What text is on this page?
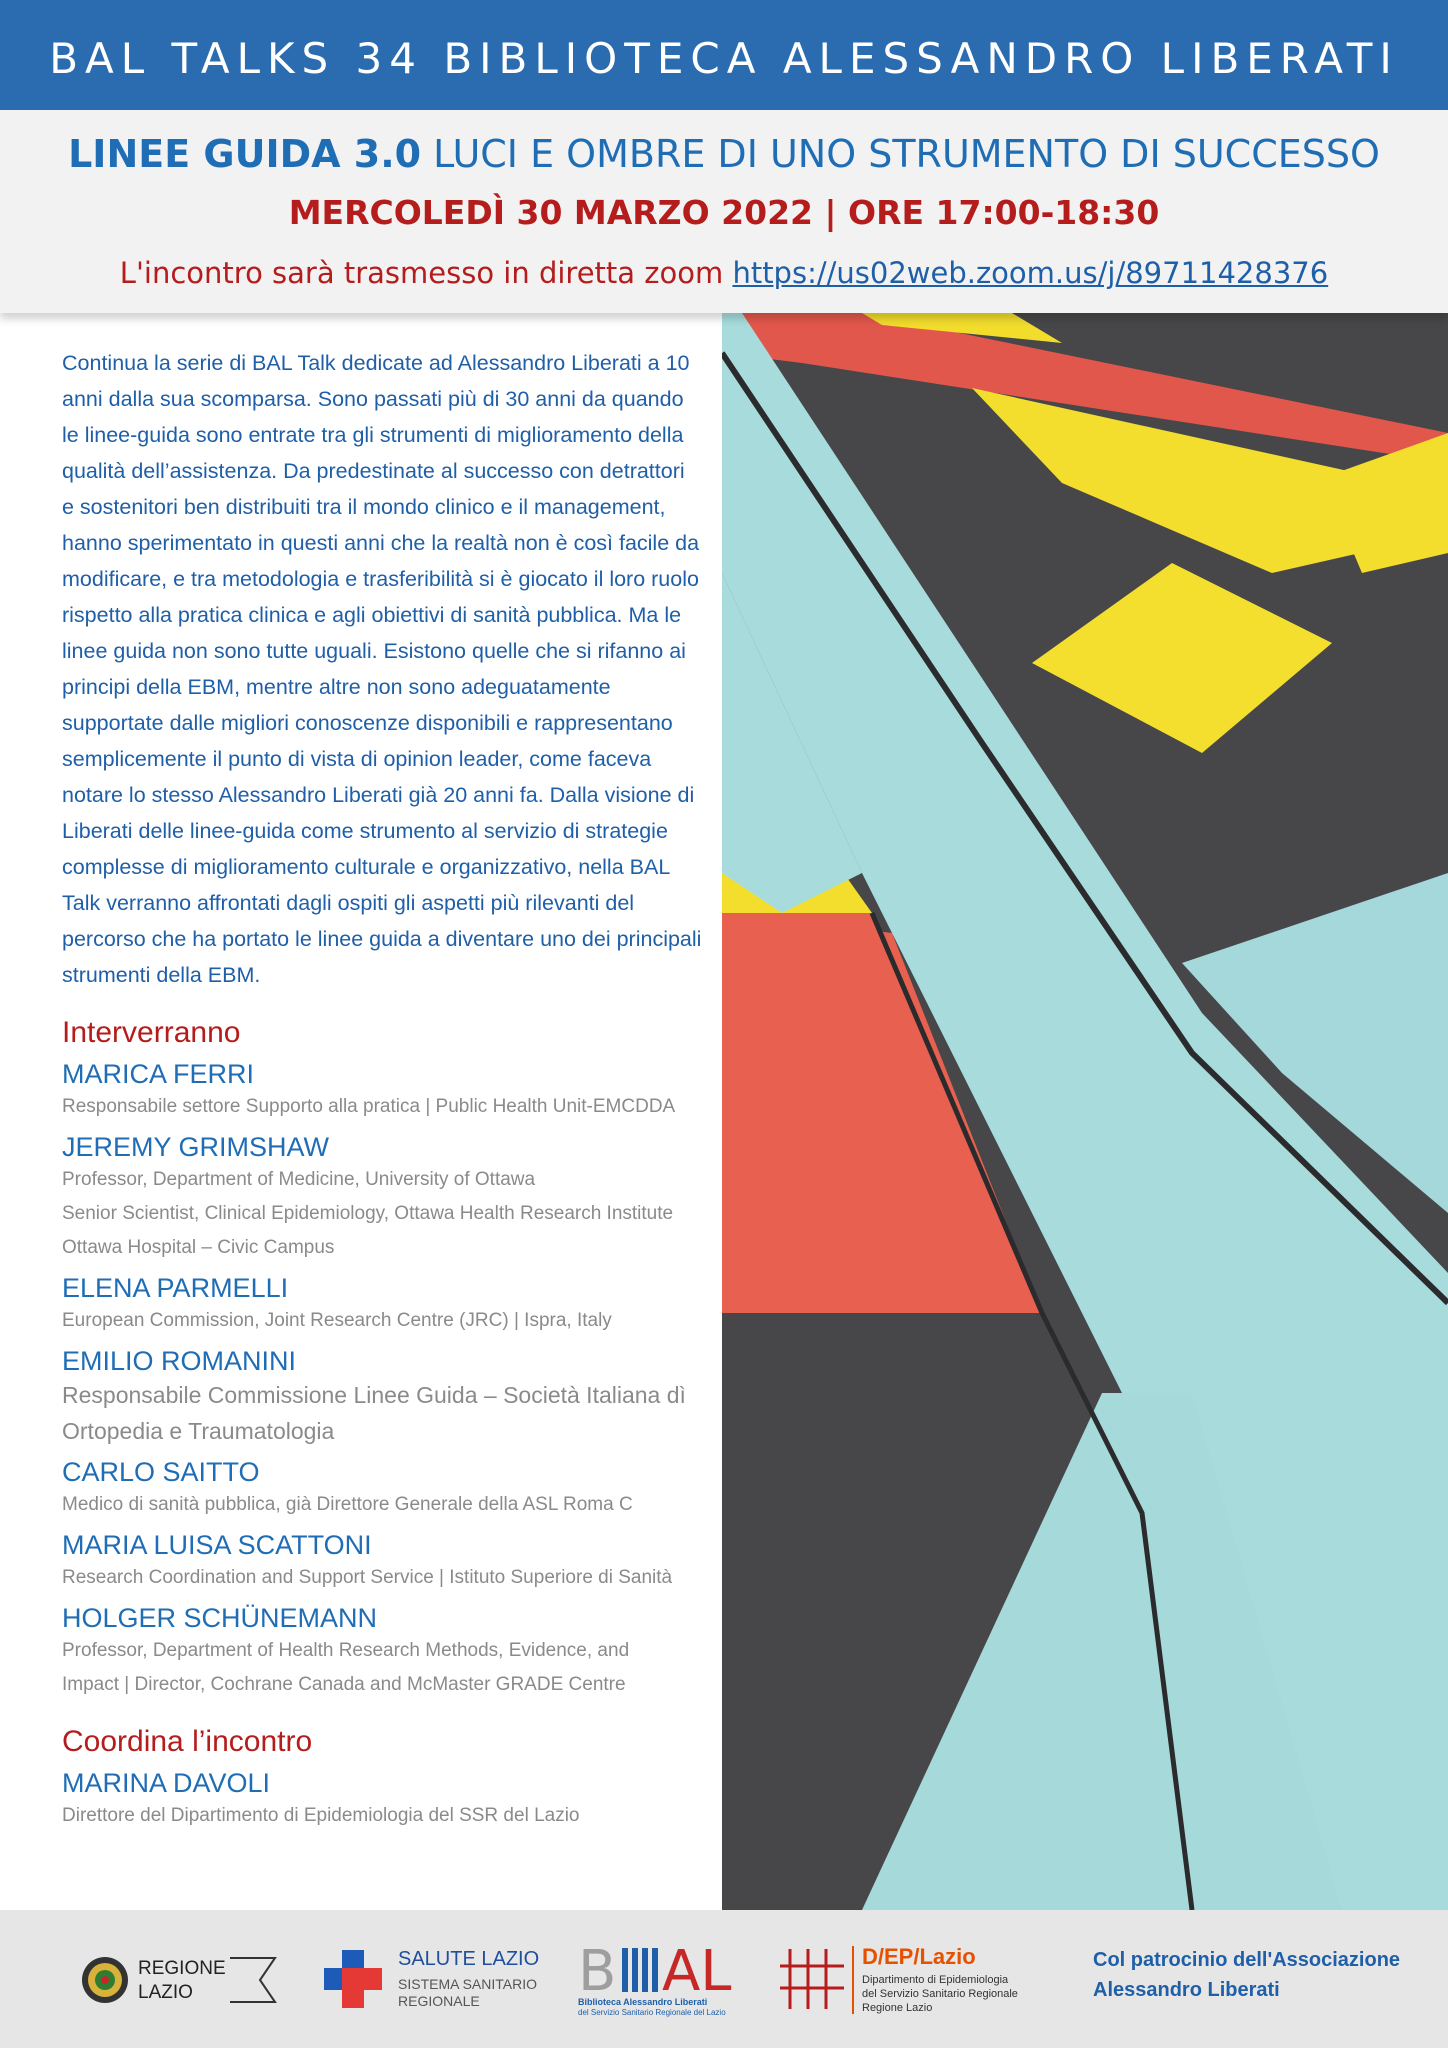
BAL TALKS 34 BIBLIOTECA ALESSANDRO LIBERATI
LINEE GUIDA 3.0 LUCI E OMBRE DI UNO STRUMENTO DI SUCCESSO
MERCOLEDÌ 30 MARZO 2022 | ORE 17:00-18:30
L'incontro sarà trasmesso in diretta zoom https://us02web.zoom.us/j/89711428376

Continua la serie di BAL Talk dedicate ad Alessandro Liberati a 10 anni dalla sua scomparsa. Sono passati più di 30 anni da quando le linee-guida sono entrate tra gli strumenti di miglioramento della qualità dell’assistenza. Da predestinate al successo con detrattori e sostenitori ben distribuiti tra il mondo clinico e il management, hanno sperimentato in questi anni che la realtà non è così facile da modificare, e tra metodologia e trasferibilità si è giocato il loro ruolo rispetto alla pratica clinica e agli obiettivi di sanità pubblica. Ma le linee guida non sono tutte uguali. Esistono quelle che si rifanno ai principi della EBM, mentre altre non sono adeguatamente supportate dalle migliori conoscenze disponibili e rappresentano semplicemente il punto di vista di opinion leader, come faceva notare lo stesso Alessandro Liberati già 20 anni fa. Dalla visione di Liberati delle linee-guida come strumento al servizio di strategie complesse di miglioramento culturale e organizzativo, nella BAL Talk verranno affrontati dagli ospiti gli aspetti più rilevanti del percorso che ha portato le linee guida a diventare uno dei principali strumenti della EBM.

Interverranno
MARICA FERRI
Responsabile settore Supporto alla pratica | Public Health Unit-EMCDDA
JEREMY GRIMSHAW
Professor, Department of Medicine, University of Ottawa
Senior Scientist, Clinical Epidemiology, Ottawa Health Research Institute
Ottawa Hospital – Civic Campus
ELENA PARMELLI
European Commission, Joint Research Centre (JRC) | Ispra, Italy
EMILIO ROMANINI
Responsabile Commissione Linee Guida – Società Italiana dì
Ortopedia e Traumatologia
CARLO SAITTO
Medico di sanità pubblica, già Direttore Generale della ASL Roma C
MARIA LUISA SCATTONI
Research Coordination and Support Service | Istituto Superiore di Sanità
HOLGER SCHÜNEMANN
Professor, Department of Health Research Methods, Evidence, and
Impact | Director, Cochrane Canada and McMaster GRADE Centre
Coordina l’incontro
MARINA DAVOLI
Direttore del Dipartimento di Epidemiologia del SSR del Lazio
REGIONE
LAZIO
SALUTE LAZIO
SISTEMA SANITARIO
REGIONALE B AL
Biblioteca Alessandro Liberati
del Servizio Sanitario Regionale del Lazio
D/EP/Lazio
Dipartimento di Epidemiologia
del Servizio Sanitario Regionale
Regione Lazio
Col patrocinio dell'Associazione
Alessandro Liberati
